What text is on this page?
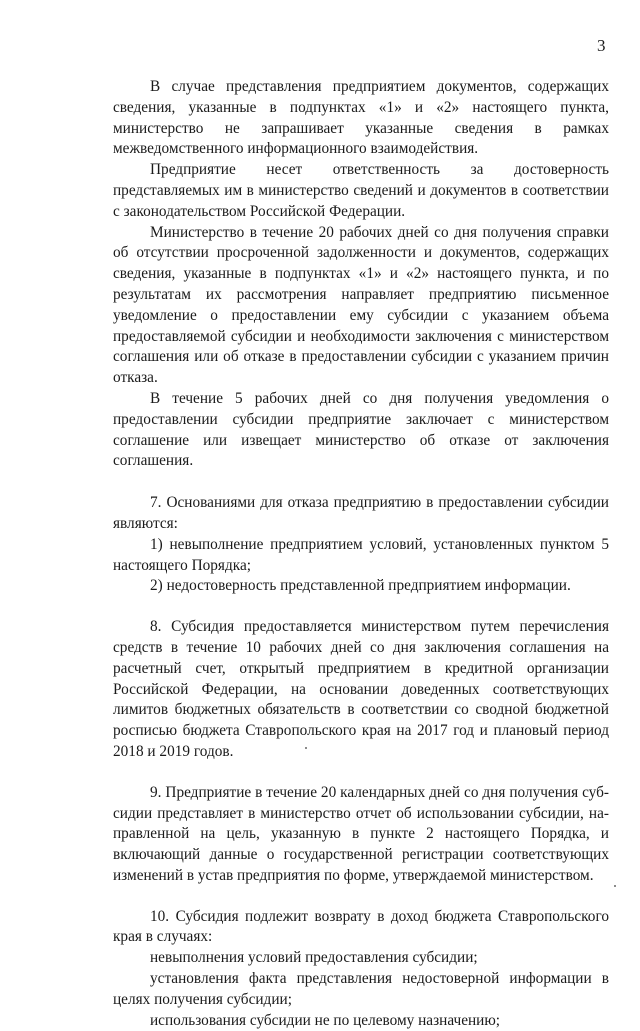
3

В случае представления предприятием документов, содержащих сведения, указанные в подпунктах «1» и «2» настоящего пункта, министерство не запрашивает указанные сведения в рамках межведомственного информационного взаимодействия.

Предприятие несет ответственность за достоверность представляемых им в министерство сведений и документов в соответствии с законодательством Российской Федерации.

Министерство в течение 20 рабочих дней со дня получения справки об отсутствии просроченной задолженности и документов, содержащих сведения, указанные в подпунктах «1» и «2» настоящего пункта, и по результатам их рассмотрения направляет предприятию письменное уведомление о предоставлении ему субсидии с указанием объема предоставляемой субсидии и необходимости заключения с министерством соглашения или об отказе в предоставлении субсидии с указанием причин отказа.

В течение 5 рабочих дней со дня получения уведомления о предоставлении субсидии предприятие заключает с министерством соглашение или извещает министерство об отказе от заключения соглашения.

7. Основаниями для отказа предприятию в предоставлении субсидии являются:

1) невыполнение предприятием условий, установленных пунктом 5 настоящего Порядка;

2) недостоверность представленной предприятием информации.

8. Субсидия предоставляется министерством путем перечисления средств в течение 10 рабочих дней со дня заключения соглашения на расчетный счет, открытый предприятием в кредитной организации Российской Федерации, на основании доведенных соответствующих лимитов бюджетных обязательств в соответствии со сводной бюджетной росписью бюджета Ставропольского края на 2017 год и плановый период 2018 и 2019 годов.

9. Предприятие в течение 20 календарных дней со дня получения субсидии представляет в министерство отчет об использовании субсидии, направленной на цель, указанную в пункте 2 настоящего Порядка, и включающий данные о государственной регистрации соответствующих изменений в устав предприятия по форме, утверждаемой министерством.

10. Субсидия подлежит возврату в доход бюджета Ставропольского края в случаях:

невыполнения условий предоставления субсидии;

установления факта представления недостоверной информации в целях получения субсидии;

использования субсидии не по целевому назначению;
